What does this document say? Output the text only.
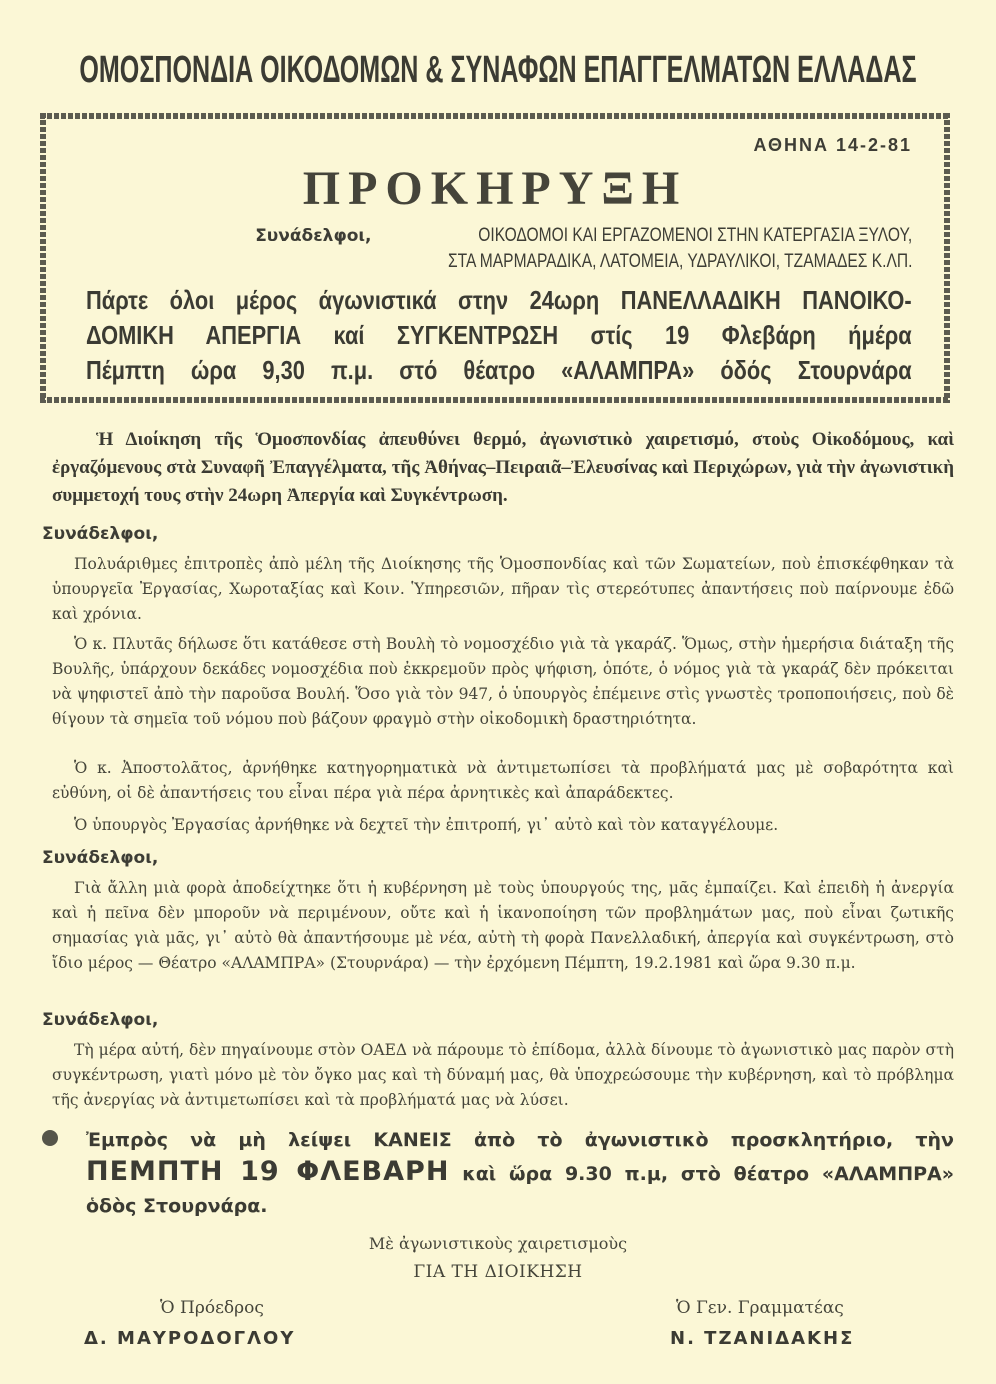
ΟΜΟΣΠΟΝΔΙΑ ΟΙΚΟΔΟΜΩΝ & ΣΥΝΑΦΩΝ ΕΠΑΓΓΕΛΜΑΤΩΝ ΕΛΛΑΔΑΣ
ΑΘΗΝΑ 14-2-81
ΠΡΟΚΗΡΥΞΗ
Συνάδελφοι,	ΟΙΚΟΔΟΜΟΙ ΚΑΙ ΕΡΓΑΖΟΜΕΝΟΙ ΣΤΗΝ ΚΑΤΕΡΓΑΣΙΑ ΞΥΛΟΥ,
ΣΤΑ ΜΑΡΜΑΡΑΔΙΚΑ, ΛΑΤΟΜΕΙΑ, ΥΔΡΑΥΛΙΚΟΙ, ΤΖΑΜΑΔΕΣ Κ.ΛΠ.
Πάρτε όλοι μέρος άγωνιστικά στην 24ωρη ΠΑΝΕΛΛΑΔΙΚΗ ΠΑΝΟΙΚΟ-
ΔΟΜΙΚΗ ΑΠΕΡΓΙΑ καί ΣΥΓΚΕΝΤΡΩΣΗ στίς 19 Φλεβάρη ήμέρα
Πέμπτη ώρα 9,30 π.μ. στό θέατρο «ΑΛΑΜΠΡΑ» όδός Στουρνάρα
Ἡ Διοίκηση τῆς Ὁμοσπονδίας ἀπευθύνει θερμό, ἀγωνιστικὸ χαιρετισμό, στοὺς Οἰκοδόμους, καὶ ἐργαζόμενους στὰ Συναφῆ Ἐπαγγέλματα, τῆς Ἀθήνας–Πειραιᾶ–Ἐλευσίνας καὶ Περιχώρων, γιὰ τὴν ἀγωνιστικὴ συμμετοχή τους στὴν 24ωρη Ἀπεργία καὶ Συγκέντρωση.
Συνάδελφοι,
Πολυάριθμες ἐπιτροπὲς ἀπὸ μέλη τῆς Διοίκησης τῆς Ὁμοσπονδίας καὶ τῶν Σωματείων, ποὺ ἐπισκέφθηκαν τὰ ὑπουργεῖα Ἐργασίας, Χωροταξίας καὶ Κοιν. Ὑπηρεσιῶν, πῆραν τὶς στερεότυπες ἀπαντήσεις ποὺ παίρνουμε ἐδῶ καὶ χρόνια.
Ὁ κ. Πλυτᾶς δήλωσε ὅτι κατάθεσε στὴ Βουλὴ τὸ νομοσχέδιο γιὰ τὰ γκαράζ. Ὅμως, στὴν ἡμερήσια διάταξη τῆς Βουλῆς, ὑπάρχουν δεκάδες νομοσχέδια ποὺ ἐκκρεμοῦν πρὸς ψήφιση, ὁπότε, ὁ νόμος γιὰ τὰ γκαράζ δὲν πρόκειται νὰ ψηφιστεῖ ἀπὸ τὴν παροῦσα Βουλή. Ὅσο γιὰ τὸν 947, ὁ ὑπουργὸς ἐπέμεινε στὶς γνωστὲς τροποποιήσεις, ποὺ δὲ θίγουν τὰ σημεῖα τοῦ νόμου ποὺ βάζουν φραγμὸ στὴν οἰκοδομικὴ δραστηριότητα.
Ὁ κ. Ἀποστολᾶτος, ἀρνήθηκε κατηγορηματικὰ νὰ ἀντιμετωπίσει τὰ προβλήματά μας μὲ σοβαρότητα καὶ εὐθύνη, οἱ δὲ ἀπαντήσεις του εἶναι πέρα γιὰ πέρα ἀρνητικὲς καὶ ἀπαράδεκτες.
Ὁ ὑπουργὸς Ἐργασίας ἀρνήθηκε νὰ δεχτεῖ τὴν ἐπιτροπή, γι᾿ αὐτὸ καὶ τὸν καταγγέλουμε.
Συνάδελφοι,
Γιὰ ἄλλη μιὰ φορὰ ἀποδείχτηκε ὅτι ἡ κυβέρνηση μὲ τοὺς ὑπουργούς της, μᾶς ἐμπαίζει. Καὶ ἐπειδὴ ἡ ἀνεργία καὶ ἡ πεῖνα δὲν μποροῦν νὰ περιμένουν, οὔτε καὶ ἡ ἱκανοποίηση τῶν προβλημάτων μας, ποὺ εἶναι ζωτικῆς σημασίας γιὰ μᾶς, γι᾿ αὐτὸ θὰ ἀπαντήσουμε μὲ νέα, αὐτὴ τὴ φορὰ Πανελλαδική, ἀπεργία καὶ συγκέντρωση, στὸ ἴδιο μέρος — Θέατρο «ΑΛΑΜΠΡΑ» (Στουρνάρα) — τὴν ἐρχόμενη Πέμπτη, 19.2.1981 καὶ ὥρα 9.30 π.μ.
Συνάδελφοι,
Τὴ μέρα αὐτή, δὲν πηγαίνουμε στὸν ΟΑΕΔ νὰ πάρουμε τὸ ἐπίδομα, ἀλλὰ δίνουμε τὸ ἀγωνιστικὸ μας παρὸν στὴ συγκέντρωση, γιατὶ μόνο μὲ τὸν ὄγκο μας καὶ τὴ δύναμή μας, θὰ ὑποχρεώσουμε τὴν κυβέρνηση, καὶ τὸ πρόβλημα τῆς ἀνεργίας νὰ ἀντιμετωπίσει καὶ τὰ προβλήματά μας νὰ λύσει.
Ἐμπρὸς νὰ μὴ λείψει ΚΑΝΕΙΣ ἀπὸ τὸ ἀγωνιστικὸ προσκλητήριο, τὴν ΠΕΜΠΤΗ 19 ΦΛΕΒΑΡΗ καὶ ὥρα 9.30 π.μ, στὸ θέατρο «ΑΛΑΜΠΡΑ» ὁδὸς Στουρνάρα.
Μὲ ἀγωνιστικοὺς χαιρετισμοὺς
ΓΙΑ ΤΗ ΔΙΟΙΚΗΣΗ
Ὁ Πρόεδρος
Δ. ΜΑΥΡΟΔΟΓΛΟΥ
Ὁ Γεν. Γραμματέας
Ν. ΤΖΑΝΙΔΑΚΗΣ
